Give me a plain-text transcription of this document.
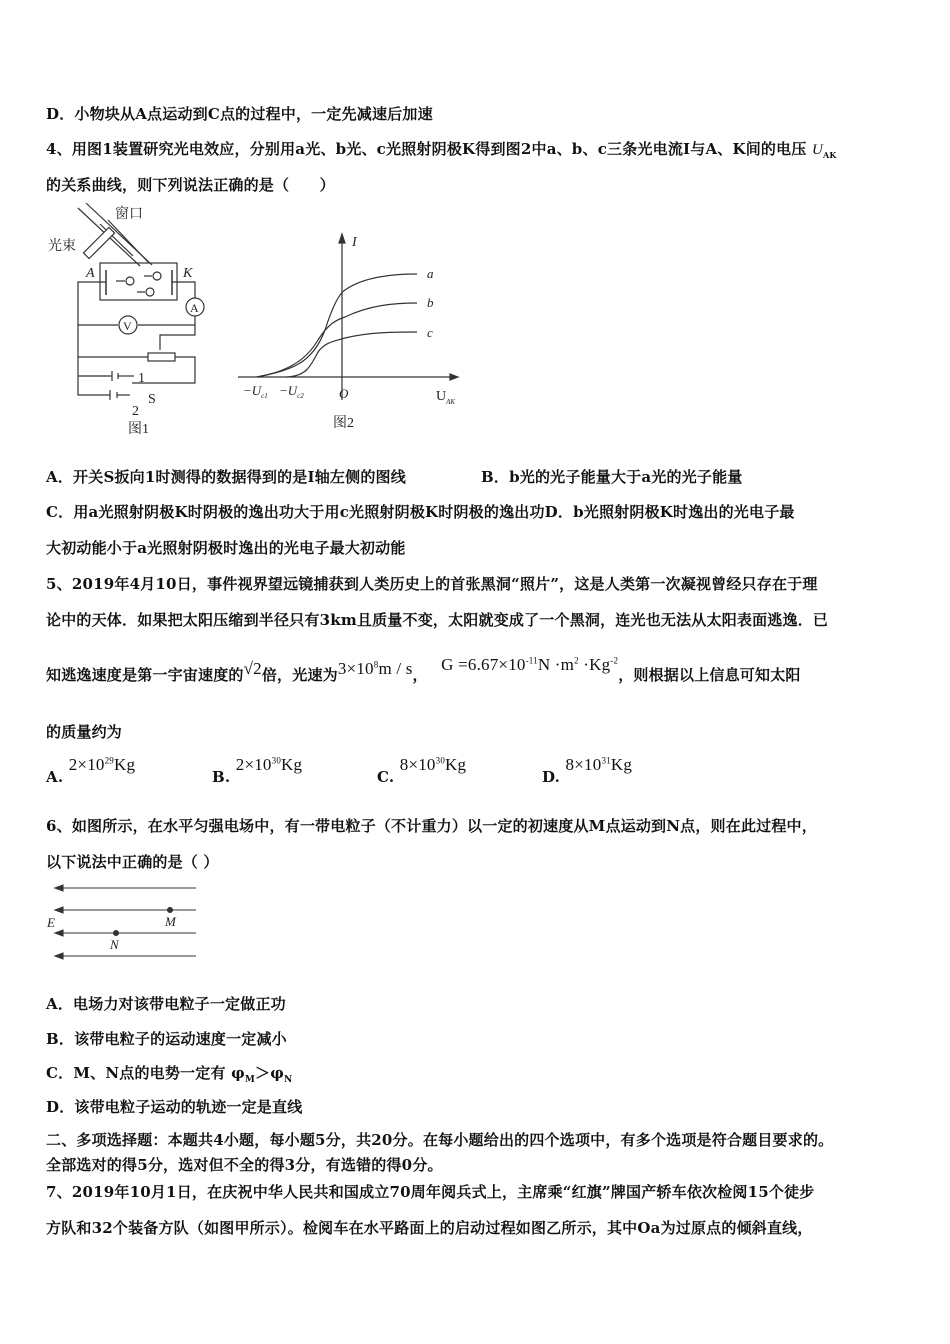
D．小物块从A点运动到C点的过程中，一定先减速后加速
4、用图1装置研究光电效应，分别用a光、b光、c光照射阴极K得到图2中a、b、c三条光电流I与A、K间的电压 $U_{AK}$
的关系曲线，则下列说法正确的是（　　）
窗口
光束
A	K
A
V
1
2
S
图1
I
a
b
c
$-U_{c1} -U_{c2}$	O	$U_{AK}$
图2
A．开关S扳向1时测得的数据得到的是I轴左侧的图线	B．b光的光子能量大于a光的光子能量
C．用a光照射阴极K时阴极的逸出功大于用c光照射阴极K时阴极的逸出功D．b光照射阴极K时逸出的光电子最
大初动能小于a光照射阴极时逸出的光电子最大初动能
5、2019年4月10日，事件视界望远镜捕获到人类历史上的首张黑洞“照片”，这是人类第一次凝视曾经只存在于理
论中的天体．如果把太阳压缩到半径只有3km且质量不变，太阳就变成了一个黑洞，连光也无法从太阳表面逃逸．已
知逃逸速度是第一宇宙速度的√2倍，光速为$3\times 10^8m / s$， $G =6.67\times 10^{-11}N \cdot m^2 \cdot Kg^{-2}$，则根据以上信息可知太阳
的质量约为
A. $2\times 10^{29}Kg$
B. $2\times 10^{30}Kg$
C. $8\times 10^{30}Kg$
D. $8\times 10^{31}Kg$
6、如图所示，在水平匀强电场中，有一带电粒子（不计重力）以一定的初速度从M点运动到N点，则在此过程中，
以下说法中正确的是（ ）
E	M
N
A．电场力对该带电粒子一定做正功
B．该带电粒子的运动速度一定减小
C．M、N点的电势一定有 $\varphi_M>\varphi_N$
D．该带电粒子运动的轨迹一定是直线
二、多项选择题：本题共4小题，每小题5分，共20分。在每小题给出的四个选项中，有多个选项是符合题目要求的。
全部选对的得5分，选对但不全的得3分，有选错的得0分。
7、2019年10月1日，在庆祝中华人民共和国成立70周年阅兵式上，主席乘“红旗”牌国产轿车依次检阅15个徒步
方队和32个装备方队（如图甲所示）。检阅车在水平路面上的启动过程如图乙所示，其中Oa为过原点的倾斜直线，
